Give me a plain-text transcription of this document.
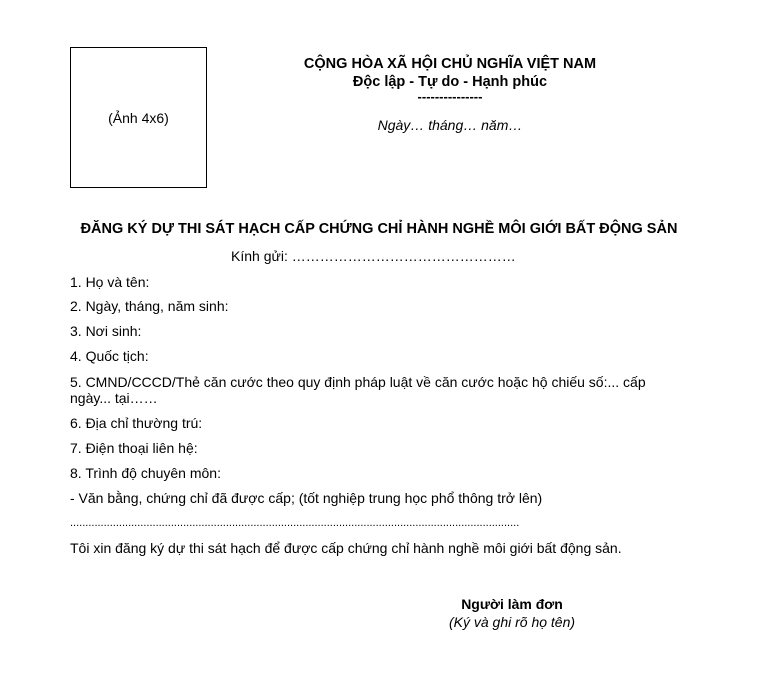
(Ảnh 4x6)
CỘNG HÒA XÃ HỘI CHỦ NGHĨA VIỆT NAM
Độc lập - Tự do - Hạnh phúc
---------------
Ngày… tháng… năm…
ĐĂNG KÝ DỰ THI SÁT HẠCH CẤP CHỨNG CHỈ HÀNH NGHỀ MÔI GIỚI BẤT ĐỘNG SẢN
Kính gửi: …………………………………………
1. Họ và tên:
2. Ngày, tháng, năm sinh:
3. Nơi sinh:
4. Quốc tịch:
5. CMND/CCCD/Thẻ căn cước theo quy định pháp luật về căn cước hoặc hộ chiếu số:... cấp ngày... tại……
6. Địa chỉ thường trú:
7. Điện thoại liên hệ:
8. Trình độ chuyên môn:
- Văn bằng, chứng chỉ đã được cấp; (tốt nghiệp trung học phổ thông trở lên)
...................................................................................................................................................
Tôi xin đăng ký dự thi sát hạch để được cấp chứng chỉ hành nghề môi giới bất động sản.
Người làm đơn
(Ký và ghi rõ họ tên)
